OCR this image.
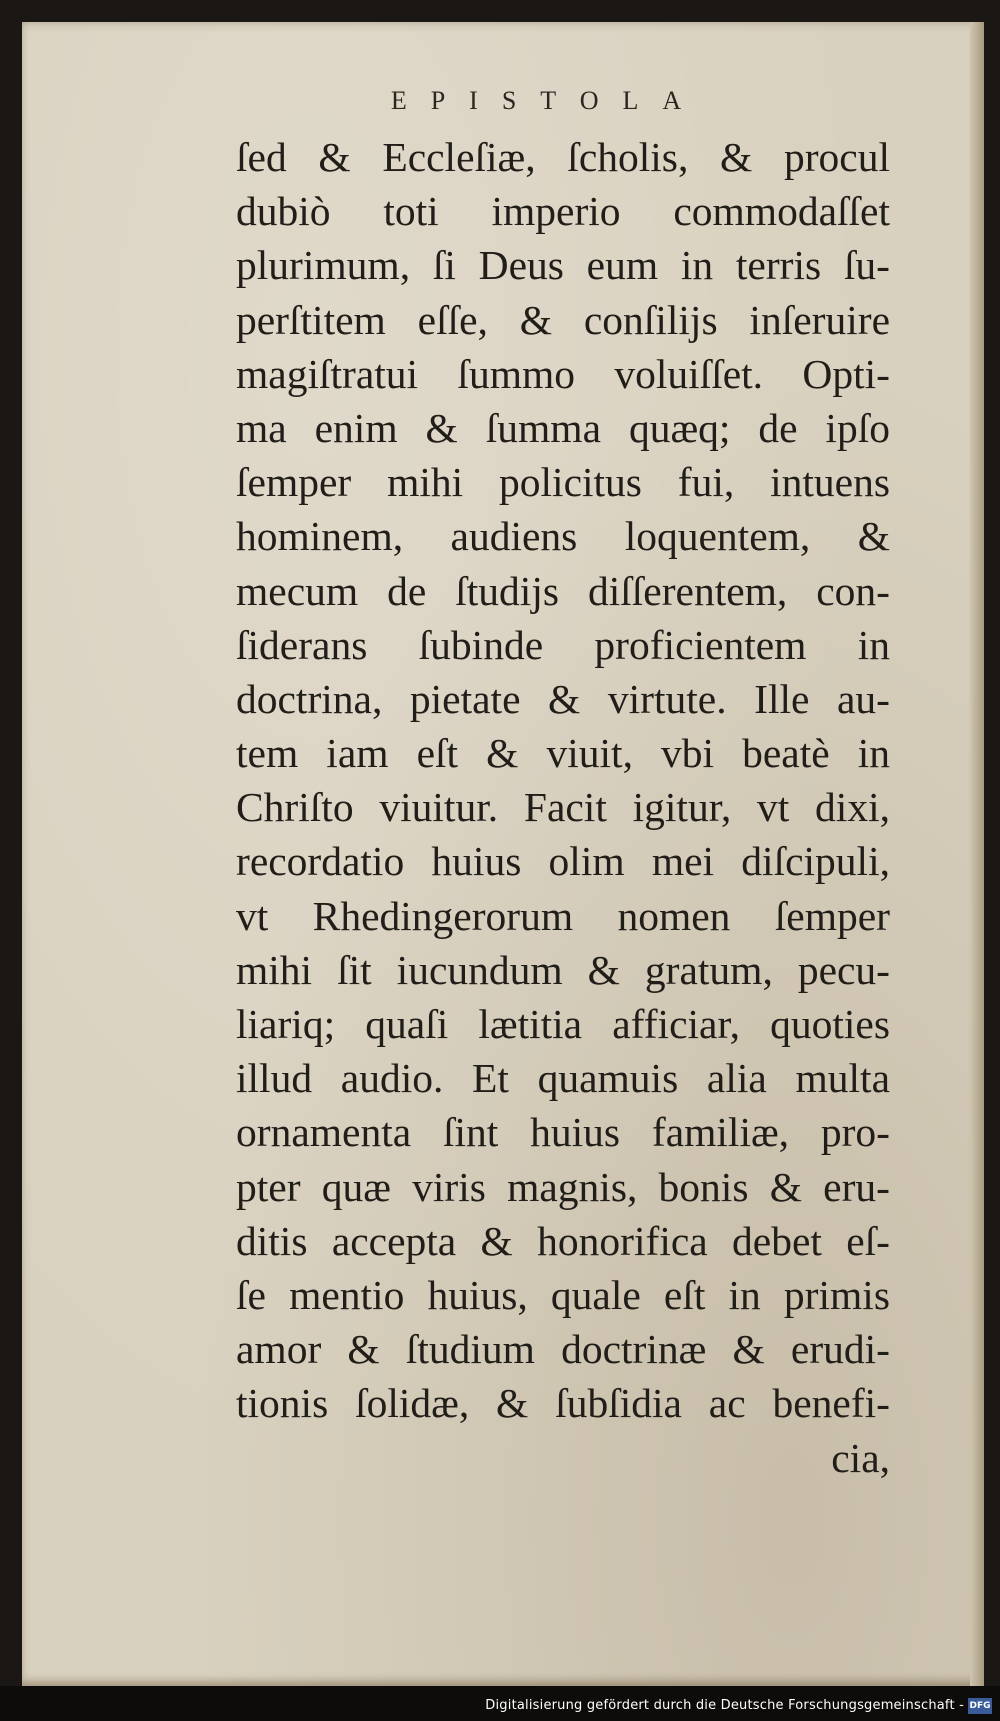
EPISTOLA
ſed & Eccleſiæ, ſcholis, & procul
dubiò toti imperio commodaſſet
plurimum, ſi Deus eum in terris ſu-
perſtitem eſſe, & conſilijs inſeruire
magiſtratui ſummo voluiſſet. Opti-
ma enim & ſumma quæq; de ipſo
ſemper mihi policitus fui, intuens
hominem, audiens loquentem, &
mecum de ſtudijs diſſerentem, con-
ſiderans ſubinde proficientem in
doctrina, pietate & virtute. Ille au-
tem iam eſt & viuit, vbi beatè in
Chriſto viuitur. Facit igitur, vt dixi,
recordatio huius olim mei diſcipuli,
vt Rhedingerorum nomen ſemper
mihi ſit iucundum & gratum, pecu-
liariq; quaſi lætitia afficiar, quoties
illud audio. Et quamuis alia multa
ornamenta ſint huius familiæ, pro-
pter quæ viris magnis, bonis & eru-
ditis accepta & honorifica debet eſ-
ſe mentio huius, quale eſt in primis
amor & ſtudium doctrinæ & erudi-
tionis ſolidæ, & ſubſidia ac benefi-
cia,
Digitalisierung gefördert durch die Deutsche Forschungsgemeinschaft - DFG
